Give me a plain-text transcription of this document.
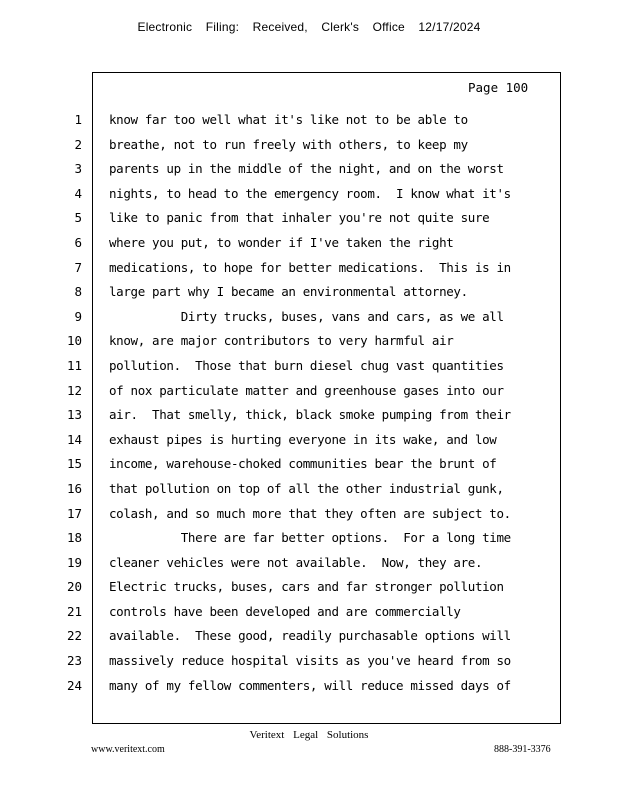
Electronic Filing: Received, Clerk's Office 12/17/2024
Page 100
1
2
3
4
5
6
7
8
9
10
11
12
13
14
15
16
17
18
19
20
21
22
23
24
know far too well what it's like not to be able to
breathe, not to run freely with others, to keep my
parents up in the middle of the night, and on the worst
nights, to head to the emergency room.  I know what it's
like to panic from that inhaler you're not quite sure
where you put, to wonder if I've taken the right
medications, to hope for better medications.  This is in
large part why I became an environmental attorney.
Dirty trucks, buses, vans and cars, as we all
know, are major contributors to very harmful air
pollution.  Those that burn diesel chug vast quantities
of nox particulate matter and greenhouse gases into our
air.  That smelly, thick, black smoke pumping from their
exhaust pipes is hurting everyone in its wake, and low
income, warehouse-choked communities bear the brunt of
that pollution on top of all the other industrial gunk,
colash, and so much more that they often are subject to.
There are far better options.  For a long time
cleaner vehicles were not available.  Now, they are.
Electric trucks, buses, cars and far stronger pollution
controls have been developed and are commercially
available.  These good, readily purchasable options will
massively reduce hospital visits as you've heard from so
many of my fellow commenters, will reduce missed days of
Veritext Legal Solutions
www.veritext.com	888-391-3376
